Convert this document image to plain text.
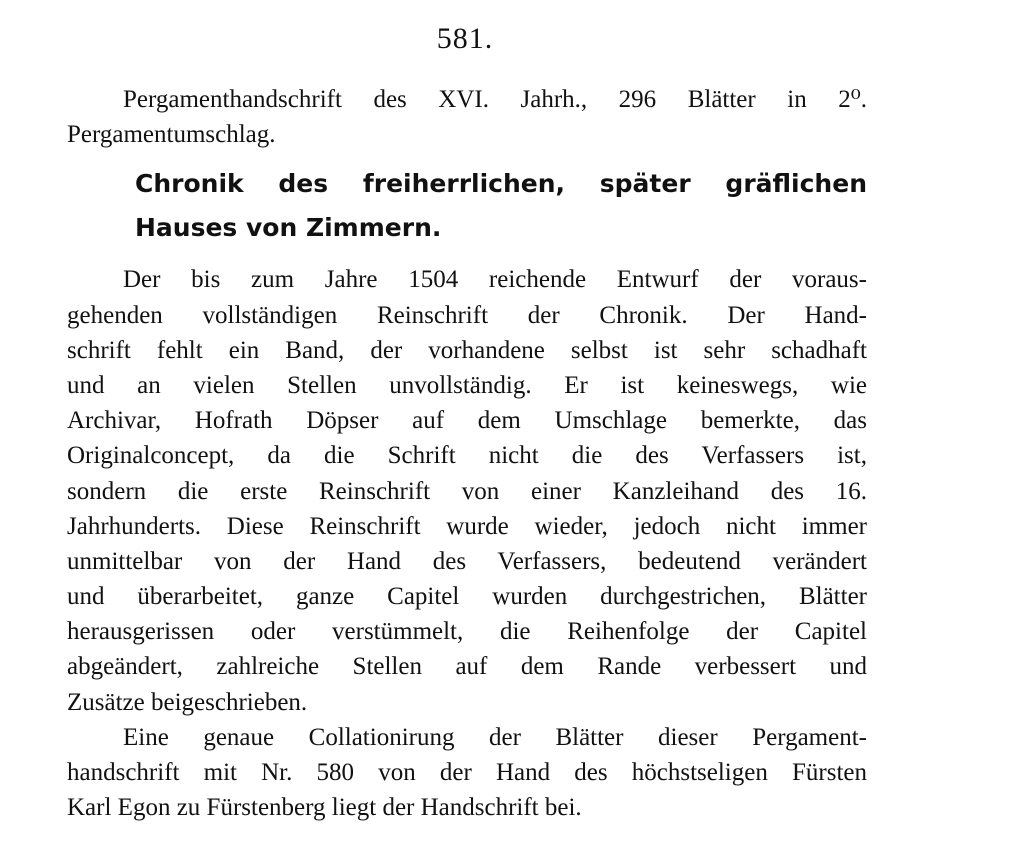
581.
Pergamenthandschrift des XVI. Jahrh., 296 Blätter in 2⁰.
Pergamentumschlag.
Chronik des freiherrlichen, später gräflichen
Hauses von Zimmern.
Der bis zum Jahre 1504 reichende Entwurf der voraus-
gehenden vollständigen Reinschrift der Chronik. Der Hand-
schrift fehlt ein Band, der vorhandene selbst ist sehr schadhaft
und an vielen Stellen unvollständig. Er ist keineswegs, wie
Archivar, Hofrath Döpser auf dem Umschlage bemerkte, das
Originalconcept, da die Schrift nicht die des Verfassers ist,
sondern die erste Reinschrift von einer Kanzleihand des 16.
Jahrhunderts. Diese Reinschrift wurde wieder, jedoch nicht immer
unmittelbar von der Hand des Verfassers, bedeutend verändert
und überarbeitet, ganze Capitel wurden durchgestrichen, Blätter
herausgerissen oder verstümmelt, die Reihenfolge der Capitel
abgeändert, zahlreiche Stellen auf dem Rande verbessert und
Zusätze beigeschrieben.
Eine genaue Collationirung der Blätter dieser Pergament-
handschrift mit Nr. 580 von der Hand des höchstseligen Fürsten
Karl Egon zu Fürstenberg liegt der Handschrift bei.
